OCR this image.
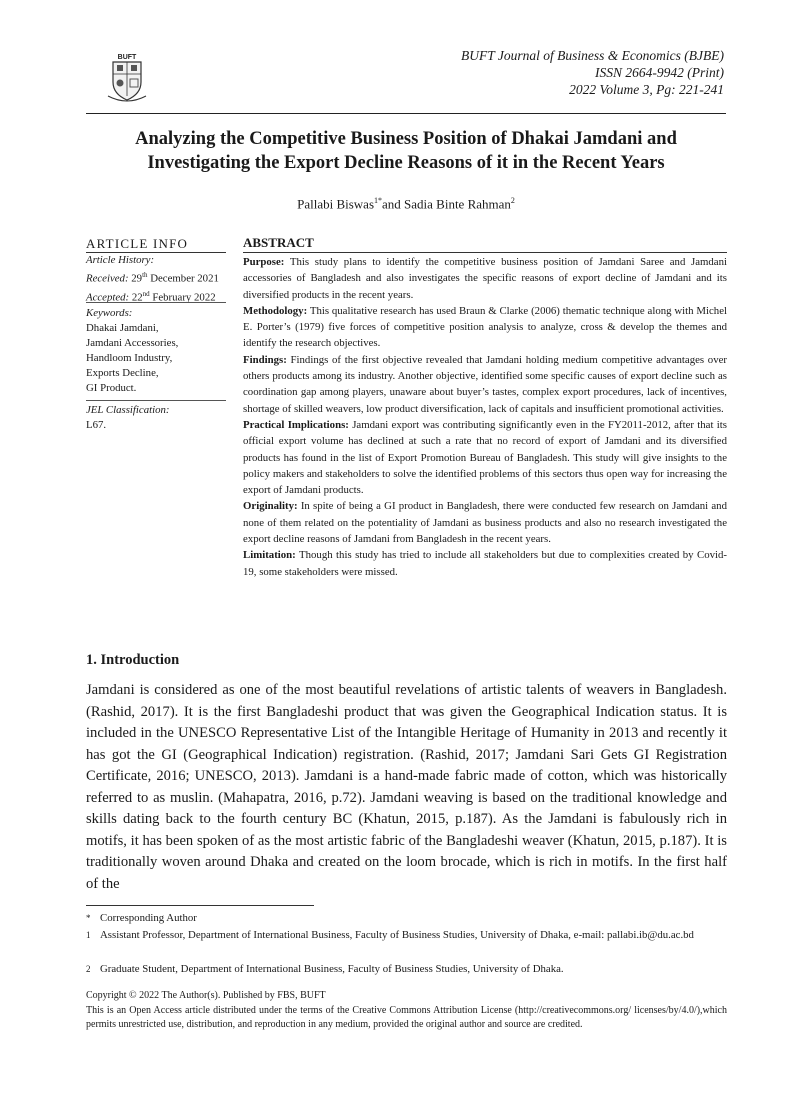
BUFT	BUFT Journal of Business & Economics (BJBE)
ISSN 2664-9942 (Print)
2022 Volume 3, Pg: 221-241
Analyzing the Competitive Business Position of Dhakai Jamdani and
Investigating the Export Decline Reasons of it in the Recent Years
Pallabi Biswas$^{1*}$and Sadia Binte Rahman$^2$
ARTICLE INFO
Article History:
Received: 29th December 2021
Accepted: 22nd February 2022
Keywords:
Dhakai Jamdani,
Jamdani Accessories,
Handloom Industry,
Exports Decline,
GI Product.
JEL Classification:
L67.
ABSTRACT

Purpose: This study plans to identify the competitive business position of Jamdani Saree and Jamdani accessories of Bangladesh and also investigates the specific reasons of export decline of Jamdani and its diversified products in the recent years.

Methodology: This qualitative research has used Braun & Clarke (2006) thematic technique along with Michel E. Porter’s (1979) five forces of competitive position analysis to analyze, cross & develop the themes and identify the research objectives.

Findings: Findings of the first objective revealed that Jamdani holding medium competitive advantages over others products among its industry. Another objective, identified some specific causes of export decline such as coordination gap among players, unaware about buyer’s tastes, complex export procedures, lack of incentives, shortage of skilled weavers, low product diversification, lack of capitals and insufficient promotional activities.

Practical Implications: Jamdani export was contributing significantly even in the FY2011-2012, after that its official export volume has declined at such a rate that no record of export of Jamdani and its diversified products has found in the list of Export Promotion Bureau of Bangladesh. This study will give insights to the policy makers and stakeholders to solve the identified problems of this sectors thus open way for increasing the export of Jamdani products.

Originality: In spite of being a GI product in Bangladesh, there were conducted few research on Jamdani and none of them related on the potentiality of Jamdani as business products and also no research investigated the export decline reasons of Jamdani from Bangladesh in the recent years.

Limitation: Though this study has tried to include all stakeholders but due to complexities created by Covid-19, some stakeholders were missed.

1. Introduction

Jamdani is considered as one of the most beautiful revelations of artistic talents of weavers in Bangladesh. (Rashid, 2017). It is the first Bangladeshi product that was given the Geographical Indication status. It is included in the UNESCO Representative List of the Intangible Heritage of Humanity in 2013 and recently it has got the GI (Geographical Indication) registration. (Rashid, 2017; Jamdani Sari Gets GI Registration Certificate, 2016; UNESCO, 2013). Jamdani is a hand-made fabric made of cotton, which was historically referred to as muslin. (Mahapatra, 2016, p.72). Jamdani weaving is based on the traditional knowledge and skills dating back to the fourth century BC (Khatun, 2015, p.187). As the Jamdani is fabulously rich in motifs, it has been spoken of as the most artistic fabric of the Bangladeshi weaver (Khatun, 2015, p.187). It is traditionally woven around Dhaka and created on the loom brocade, which is rich in motifs. In the first half of the

* Corresponding Author
1 Assistant Professor, Department of International Business, Faculty of Business Studies, University of Dhaka, e-mail: pallabi.ib@du.ac.bd
2 Graduate Student, Department of International Business, Faculty of Business Studies, University of Dhaka.
Copyright © 2022 The Author(s). Published by FBS, BUFT
This is an Open Access article distributed under the terms of the Creative Commons Attribution License (http://creativecommons.org/ licenses/by/4.0/),which permits unrestricted use, distribution, and reproduction in any medium, provided the original author and source are credited.
